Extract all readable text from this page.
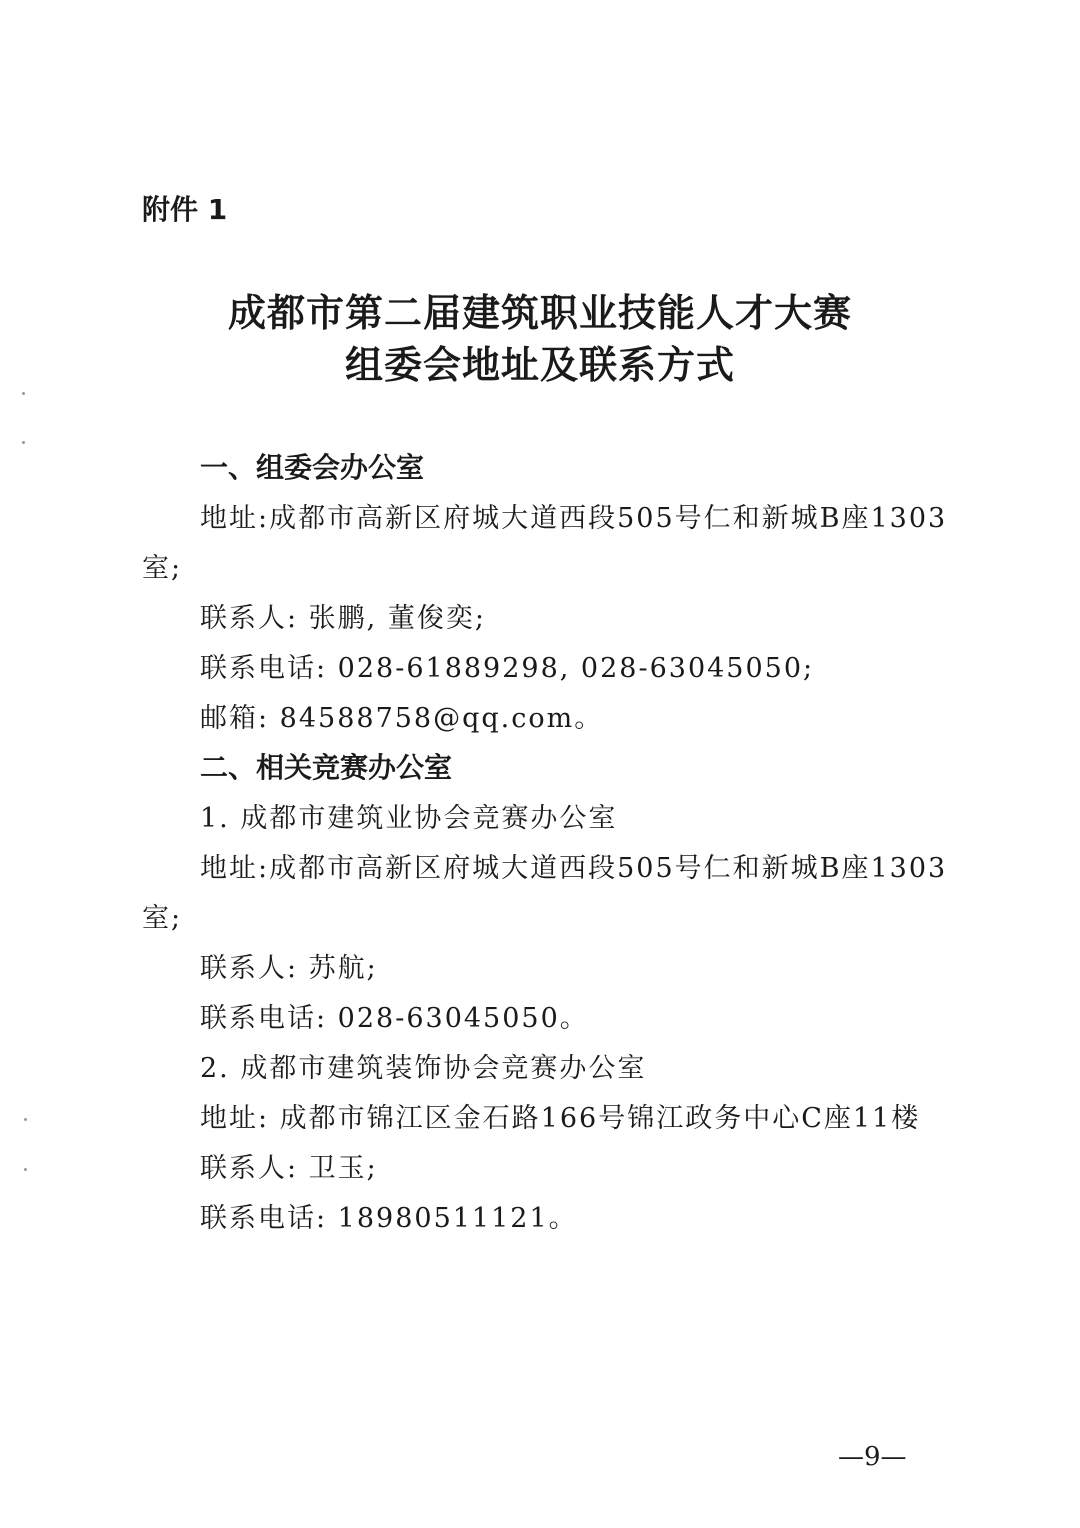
附件 1
成都市第二届建筑职业技能人才大赛
组委会地址及联系方式
一、组委会办公室
地址:成都市高新区府城大道西段505号仁和新城B座1303
室;
联系人: 张鹏, 董俊奕;
联系电话: 028-61889298, 028-63045050;
邮箱: 84588758@qq.com。
二、相关竞赛办公室
1. 成都市建筑业协会竞赛办公室
地址:成都市高新区府城大道西段505号仁和新城B座1303
室;
联系人: 苏航;
联系电话: 028-63045050。
2. 成都市建筑装饰协会竞赛办公室
地址: 成都市锦江区金石路166号锦江政务中心C座11楼
联系人: 卫玉;
联系电话: 18980511121。
—9—
